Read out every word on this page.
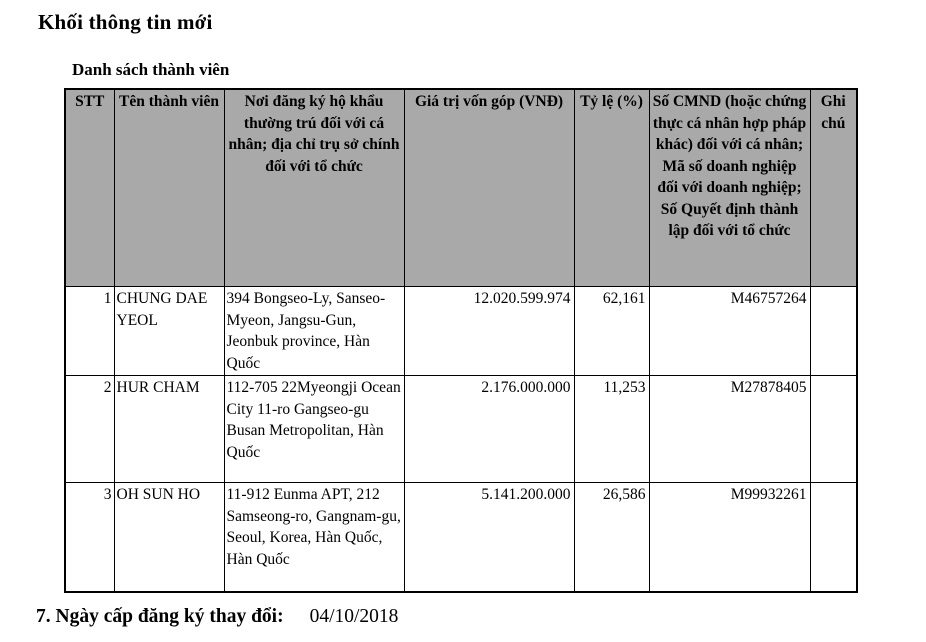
Khối thông tin mới
Danh sách thành viên
STT	Tên thành viên	Nơi đăng ký hộ khẩu thường trú đối với cá nhân; địa chỉ trụ sở chính đối với tổ chức	Giá trị vốn góp (VNĐ)	Tỷ lệ (%)	Số CMND (hoặc chứng thực cá nhân hợp pháp khác) đối với cá nhân; Mã số doanh nghiệp đối với doanh nghiệp; Số Quyết định thành lập đối với tổ chức	Ghi chú
1	CHUNG DAE YEOL	394 Bongseo-Ly, Sanseo-Myeon, Jangsu-Gun, Jeonbuk province, Hàn Quốc	12.020.599.974	62,161	M46757264	
2	HUR CHAM	112-705 22Myeongji Ocean City 11-ro Gangseo-gu Busan Metropolitan, Hàn Quốc	2.176.000.000	11,253	M27878405	
3	OH SUN HO	11-912 Eunma APT, 212 Samseong-ro, Gangnam-gu, Seoul, Korea, Hàn Quốc, Hàn Quốc	5.141.200.000	26,586	M99932261	
7. Ngày cấp đăng ký thay đổi: 04/10/2018
